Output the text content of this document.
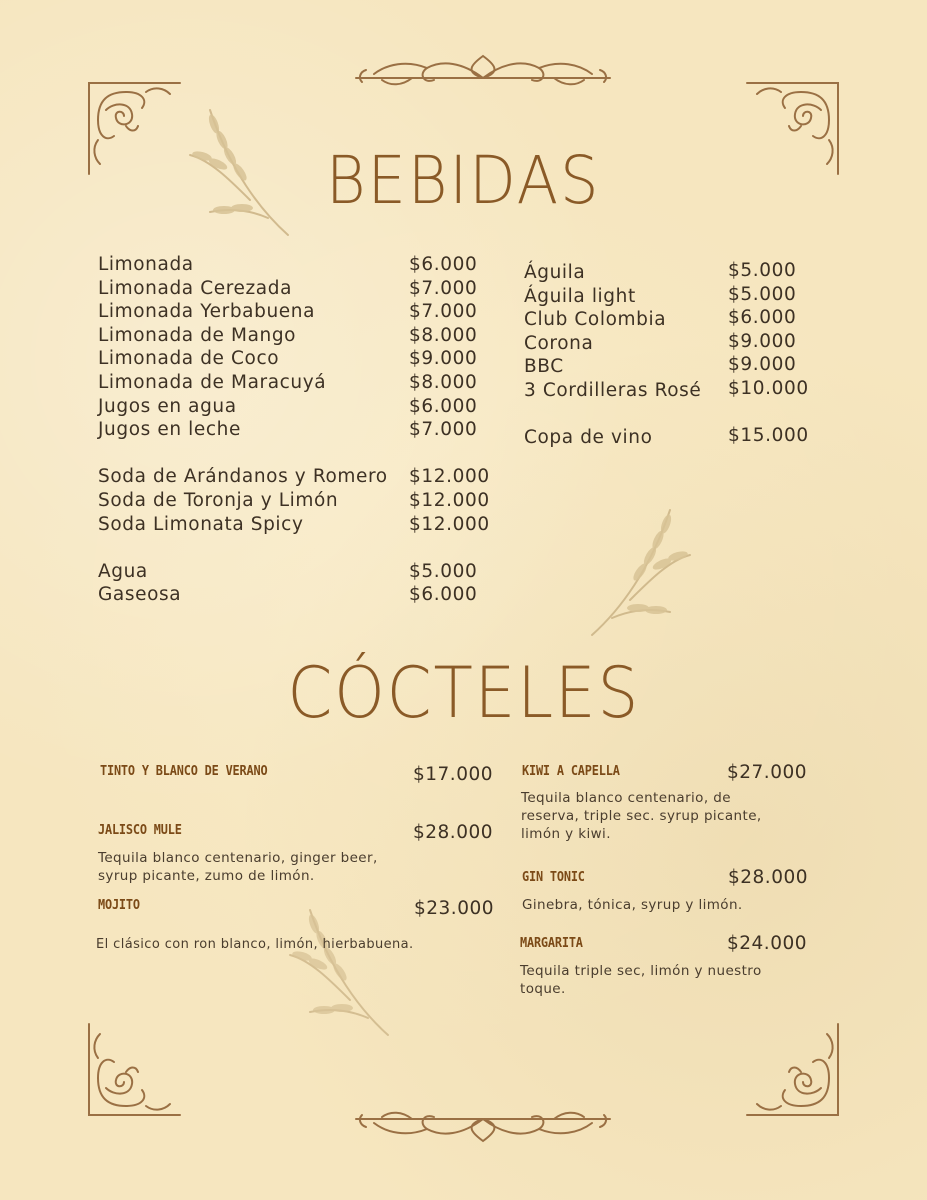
BEBIDAS
CÓCTELES
Limonada	$6.000
Limonada Cerezada	$7.000
Limonada Yerbabuena	$7.000
Limonada de Mango	$8.000
Limonada de Coco	$9.000
Limonada de Maracuyá	$8.000
Jugos en agua	$6.000
Jugos en leche	$7.000
Soda de Arándanos y Romero $12.000
Soda de Toronja y Limón	$12.000
Soda Limonata Spicy	$12.000
Agua	$5.000
Gaseosa	$6.000
Águila	$5.000
Águila light	$5.000
Club Colombia	$6.000
Corona	$9.000
BBC	$9.000
3 Cordilleras Rosé $10.000
Copa de vino	$15.000
TINTO Y BLANCO DE VERANO	$17.000
JALISCO MULE	$28.000
Tequila blanco centenario, ginger beer, syrup picante, zumo de limón.
MOJITO	$23.000
El clásico con ron blanco, limón, hierbabuena.
KIWI A CAPELLA	$27.000
Tequila blanco centenario, de reserva, triple sec. syrup picante, limón y kiwi.
GIN TONIC	$28.000
Ginebra, tónica, syrup y limón.
MARGARITA	$24.000
Tequila triple sec, limón y nuestro toque.
